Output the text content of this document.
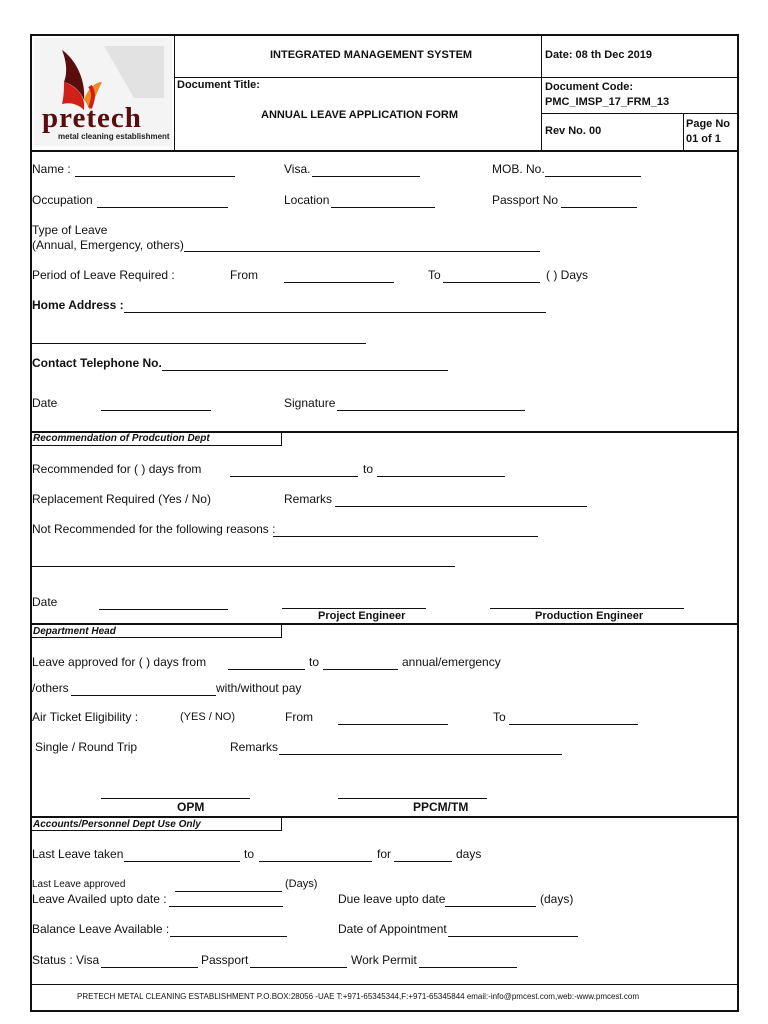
pretech
metal cleaning establishment
INTEGRATED MANAGEMENT SYSTEM	Date: 08 th Dec 2019
Document Title:
ANNUAL LEAVE APPLICATION FORM
Document Code:
PMC_IMSP_17_FRM_13
Rev No. 00
Page No
01 of 1
Name :	Visa.	MOB. No.
Occupation	Location	Passport No
Type of Leave
(Annual, Emergency, others)
Period of Leave Required :	From	To	( ) Days
Home Address :
Contact Telephone No.
Date	Signature
Recommendation of Prodcution Dept
Recommended for ( ) days from	to
Replacement Required (Yes / No)	Remarks
Not Recommended for the following reasons :
Date
Project Engineer	Production Engineer
Department Head
Leave approved for ( ) days from	to	annual/emergency
/others	with/without pay
Air Ticket Eligibility :	(YES / NO)	From	To
Single / Round Trip	Remarks
OPM	PPCM/TM
Accounts/Personnel Dept Use Only
Last Leave taken	to	for	days
Last Leave approved	(Days)
Leave Availed upto date :	Due leave upto date	(days)
Balance Leave Available :	Date of Appointment
Status : Visa	Passport	Work Permit
PRETECH METAL CLEANING ESTABLISHMENT P.O.BOX:28056 -UAE T:+971-65345344,F:+971-65345844 email:-info@pmcest.com,web:-www.pmcest.com
